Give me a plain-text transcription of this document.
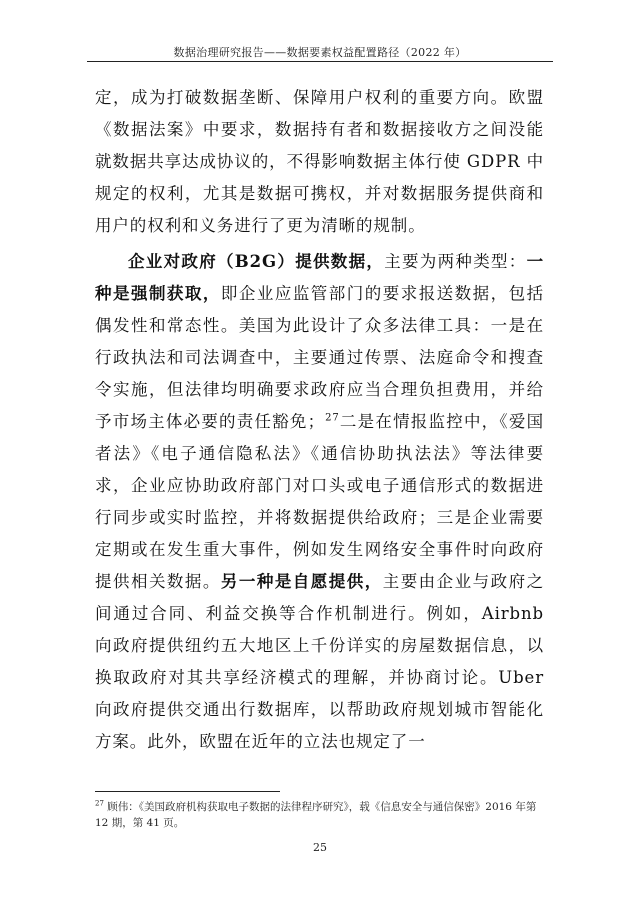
数据治理研究报告——数据要素权益配置路径（2022 年）

定，成为打破数据垄断、保障用户权利的重要方向。欧盟《数据法案》中要求，数据持有者和数据接收方之间没能就数据共享达成协议的，不得影响数据主体行使 GDPR 中规定的权利，尤其是数据可携权，并对数据服务提供商和用户的权利和义务进行了更为清晰的规制。

企业对政府（B2G）提供数据，主要为两种类型：一种是强制获取，即企业应监管部门的要求报送数据，包括偶发性和常态性。美国为此设计了众多法律工具：一是在行政执法和司法调查中，主要通过传票、法庭命令和搜查令实施，但法律均明确要求政府应当合理负担费用，并给予市场主体必要的责任豁免；$^{27}$二是在情报监控中，《爱国者法》《电子通信隐私法》《通信协助执法法》等法律要求，企业应协助政府部门对口头或电子通信形式的数据进行同步或实时监控，并将数据提供给政府；三是企业需要定期或在发生重大事件，例如发生网络安全事件时向政府提供相关数据。另一种是自愿提供，主要由企业与政府之间通过合同、利益交换等合作机制进行。例如，Airbnb 向政府提供纽约五大地区上千份详实的房屋数据信息，以换取政府对其共享经济模式的理解，并协商讨论。Uber 向政府提供交通出行数据库，以帮助政府规划城市智能化方案。此外，欧盟在近年的立法也规定了一

$^{27}$ 顾伟：《美国政府机构获取电子数据的法律程序研究》，载《信息安全与通信保密》2016 年第 12 期，第 41 页。
25
